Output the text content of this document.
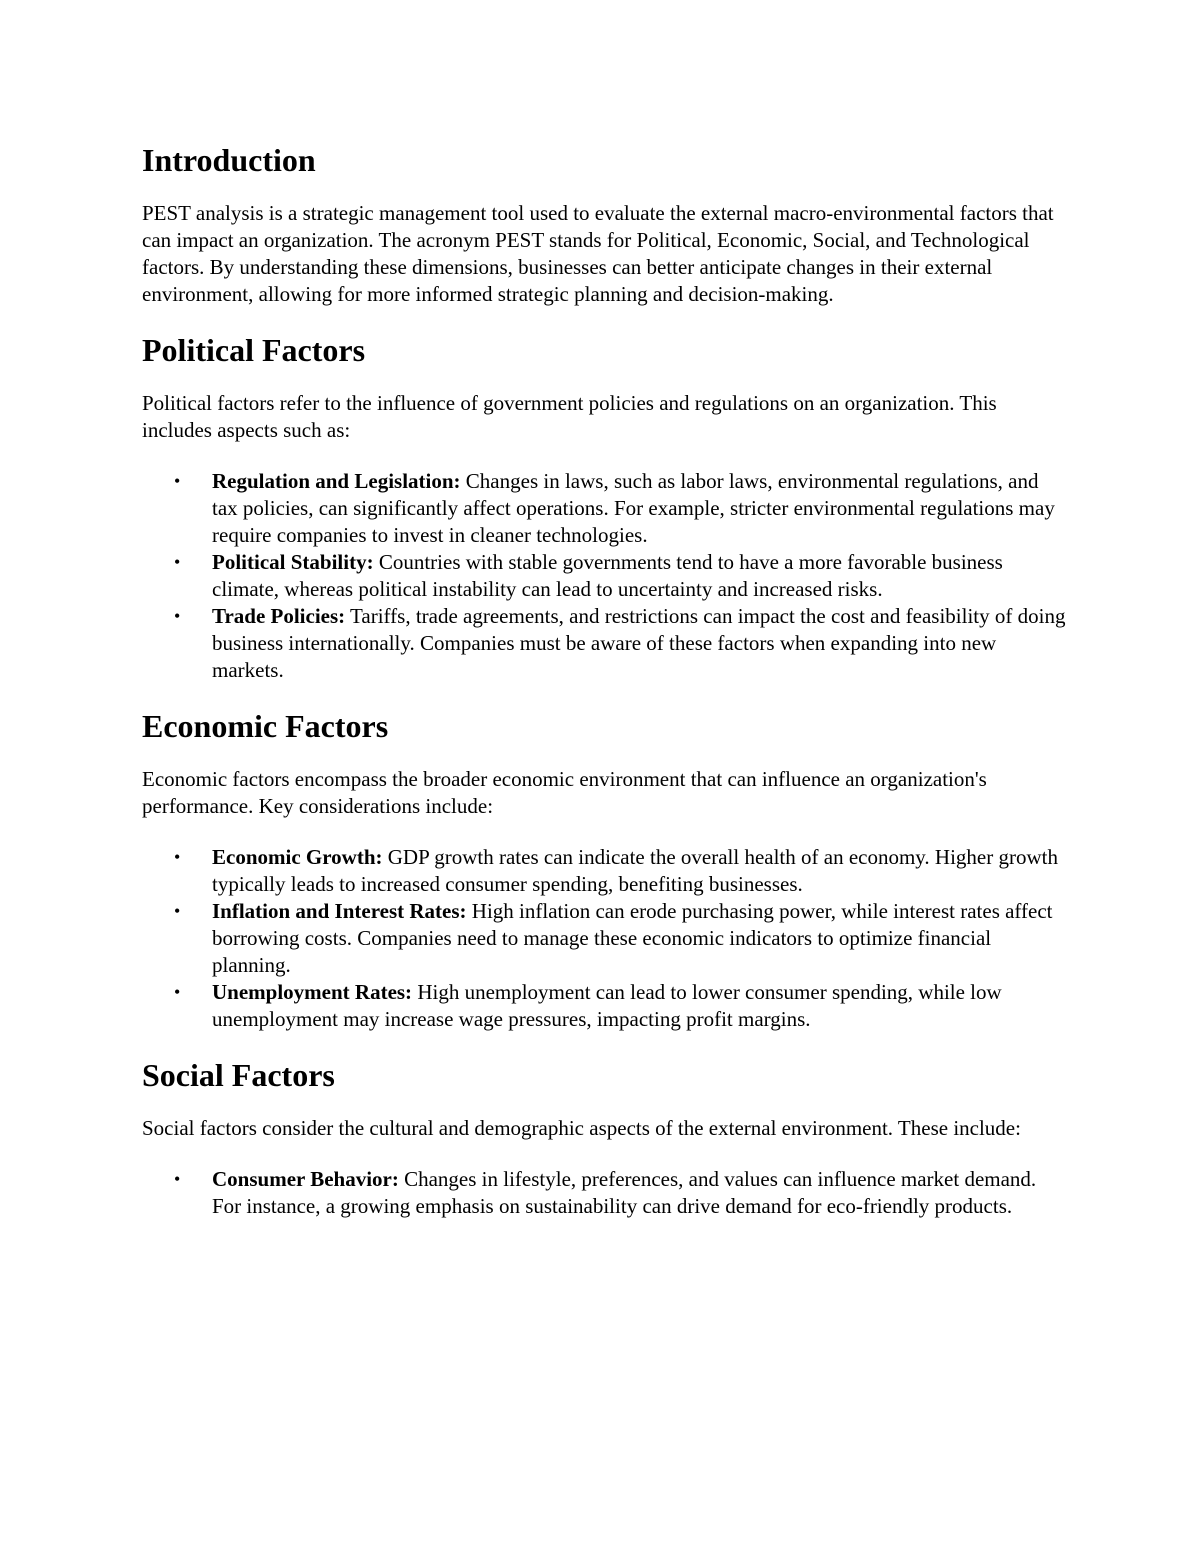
Introduction

PEST analysis is a strategic management tool used to evaluate the external macro-environmental factors that can impact an organization. The acronym PEST stands for Political, Economic, Social, and Technological factors. By understanding these dimensions, businesses can better anticipate changes in their external environment, allowing for more informed strategic planning and decision-making.

Political Factors

Political factors refer to the influence of government policies and regulations on an organization. This includes aspects such as:

• Regulation and Legislation: Changes in laws, such as labor laws, environmental regulations, and tax policies, can significantly affect operations. For example, stricter environmental regulations may require companies to invest in cleaner technologies.
• Political Stability: Countries with stable governments tend to have a more favorable business climate, whereas political instability can lead to uncertainty and increased risks.
• Trade Policies: Tariffs, trade agreements, and restrictions can impact the cost and feasibility of doing business internationally. Companies must be aware of these factors when expanding into new markets.
Economic Factors

Economic factors encompass the broader economic environment that can influence an organization's performance. Key considerations include:

• Economic Growth: GDP growth rates can indicate the overall health of an economy. Higher growth typically leads to increased consumer spending, benefiting businesses.
• Inflation and Interest Rates: High inflation can erode purchasing power, while interest rates affect borrowing costs. Companies need to manage these economic indicators to optimize financial planning.
• Unemployment Rates: High unemployment can lead to lower consumer spending, while low unemployment may increase wage pressures, impacting profit margins.
Social Factors

Social factors consider the cultural and demographic aspects of the external environment. These include:

• Consumer Behavior: Changes in lifestyle, preferences, and values can influence market demand. For instance, a growing emphasis on sustainability can drive demand for eco-friendly products.
